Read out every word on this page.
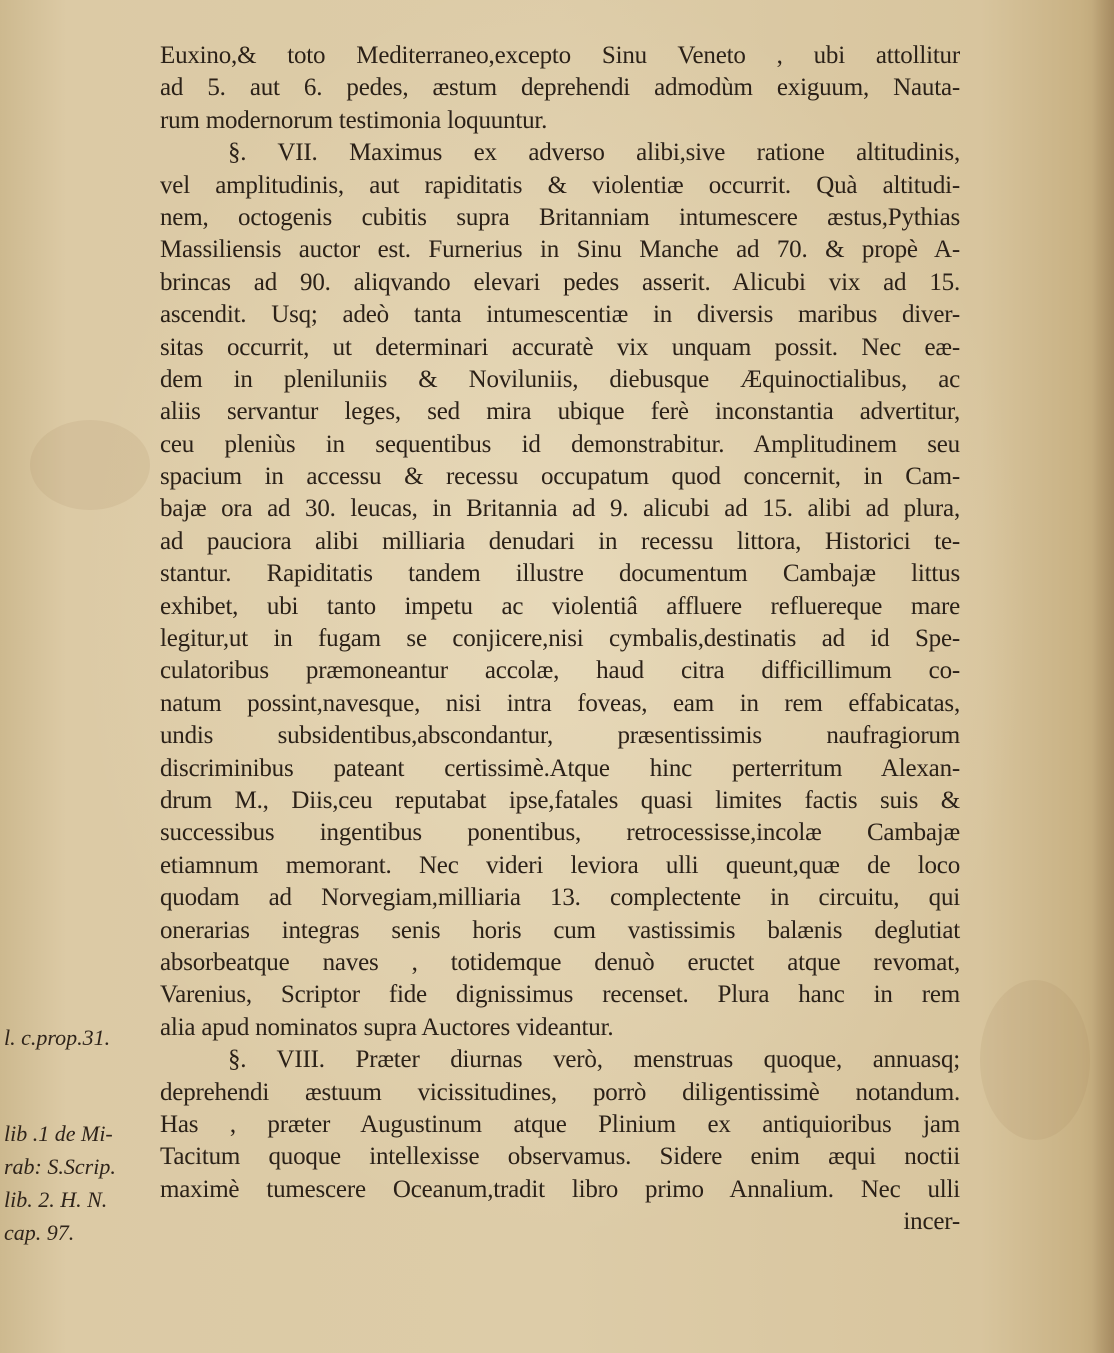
Euxino,& toto Mediterraneo,excepto Sinu Veneto , ubi attollitur
ad 5. aut 6. pedes, æstum deprehendi admodùm exiguum, Nauta-
rum modernorum testimonia loquuntur.
§. VII. Maximus ex adverso alibi,sive ratione altitudinis,
vel amplitudinis, aut rapiditatis & violentiæ occurrit. Quà altitudi-
nem, octogenis cubitis supra Britanniam intumescere æstus,Pythias
Massiliensis auctor est. Furnerius in Sinu Manche ad 70. & propè A-
brincas ad 90. aliqvando elevari pedes asserit. Alicubi vix ad 15.
ascendit. Usq; adeò tanta intumescentiæ in diversis maribus diver-
sitas occurrit, ut determinari accuratè vix unquam possit. Nec eæ-
dem in pleniluniis & Noviluniis, diebusque Æquinoctialibus, ac
aliis servantur leges, sed mira ubique ferè inconstantia advertitur,
ceu pleniùs in sequentibus id demonstrabitur. Amplitudinem seu
spacium in accessu & recessu occupatum quod concernit, in Cam-
bajæ ora ad 30. leucas, in Britannia ad 9. alicubi ad 15. alibi ad plura,
ad pauciora alibi milliaria denudari in recessu littora, Historici te-
stantur. Rapiditatis tandem illustre documentum Cambajæ littus
exhibet, ubi tanto impetu ac violentiâ affluere refluereque mare
legitur,ut in fugam se conjicere,nisi cymbalis,destinatis ad id Spe-
culatoribus præmoneantur accolæ, haud citra difficillimum co-
natum possint,navesque, nisi intra foveas, eam in rem effabicatas,
undis subsidentibus,abscondantur, præsentissimis naufragiorum
discriminibus pateant certissimè.Atque hinc perterritum Alexan-
drum M., Diis,ceu reputabat ipse,fatales quasi limites factis suis &
successibus ingentibus ponentibus, retrocessisse,incolæ Cambajæ
etiamnum memorant. Nec videri leviora ulli queunt,quæ de loco
quodam ad Norvegiam,milliaria 13. complectente in circuitu, qui
onerarias integras senis horis cum vastissimis balænis deglutiat
absorbeatque naves , totidemque denuò eructet atque revomat,
Varenius, Scriptor fide dignissimus recenset. Plura hanc in rem
alia apud nominatos supra Auctores videantur.
§. VIII. Præter diurnas verò, menstruas quoque, annuasq;
deprehendi æstuum vicissitudines, porrò diligentissimè notandum.
Has , præter Augustinum atque Plinium ex antiquioribus jam
Tacitum quoque intellexisse observamus. Sidere enim æqui noctii
maximè tumescere Oceanum,tradit libro primo Annalium. Nec ulli
incer-
l. c.prop.31.
lib .1 de Mi-
rab: S.Scrip.
lib. 2. H. N.
cap. 97.
